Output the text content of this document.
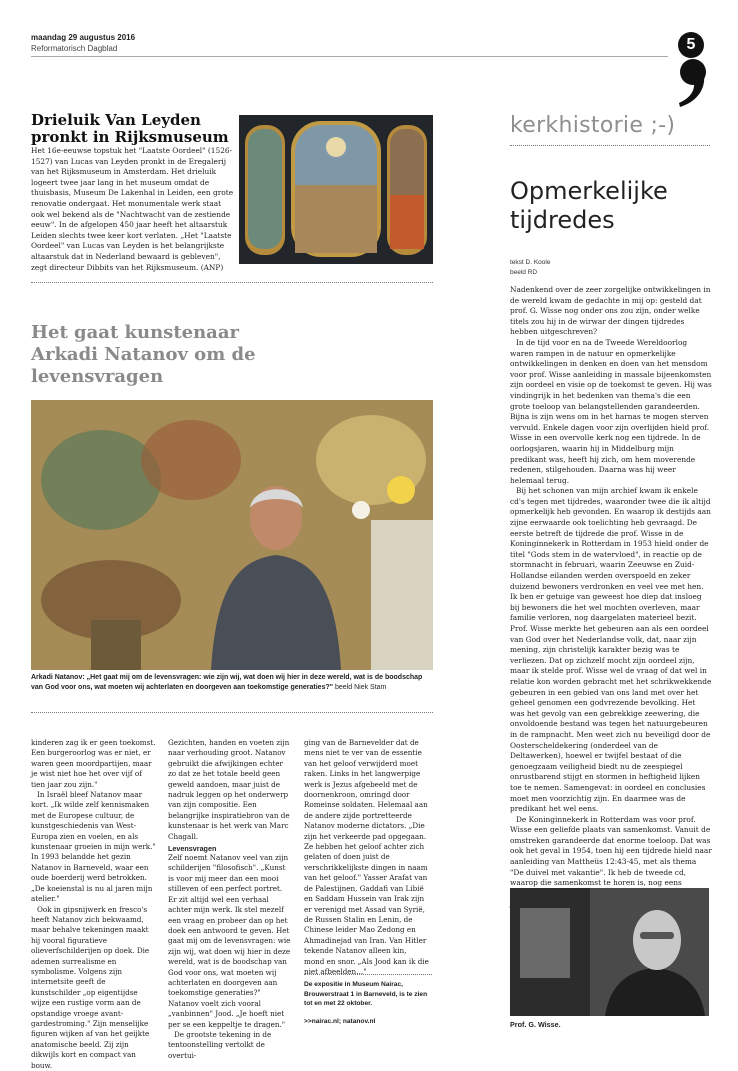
maandag 29 augustus 2016
Reformatorisch Dagblad	5
Drieluik Van Leyden pronkt in Rijksmuseum
Het 16e-eeuwse topstuk het "Laatste Oordeel" (1526-1527) van Lucas van Leyden pronkt in de Eregalerij van het Rijksmuseum in Amsterdam. Het drieluik logeert twee jaar lang in het museum omdat de thuisbasis, Museum De Lakenhal in Leiden, een grote renovatie ondergaat. Het monumentale werk staat ook wel bekend als de "Nachtwacht van de zestiende eeuw". In de afgelopen 450 jaar heeft het altaarstuk Leiden slechts twee keer kort verlaten. „Het "Laatste Oordeel" van Lucas van Leyden is het belangrijkste altaarstuk dat in Nederland bewaard is gebleven", zegt directeur Dibbits van het Rijksmuseum. (ANP)
Het gaat kunstenaar Arkadi Natanov om de levensvragen
Arkadi Natanov: „Het gaat mij om de levensvragen: wie zijn wij, wat doen wij hier in deze wereld, wat is de boodschap van God voor ons, wat moeten wij achterlaten en doorgeven aan toekomstige generaties?" beeld Niek Stam

kinderen zag ik er geen toekomst. Een burgeroorlog was er niet, er waren geen moordpartijen, maar je wist niet hoe het over vijf of tien jaar zou zijn."

In Israël bleef Natanov maar kort. „Ik wilde zelf kennismaken met de Europese cultuur, de kunstgeschiedenis van West-Europa zien en voelen, en als kunstenaar groeien in mijn werk." In 1993 belandde het gezin Natanov in Barneveld, waar een oude boerderij werd betrokken. „De koeienstal is nu al jaren mijn atelier."

Ook in gipsnijwerk en fresco's heeft Natanov zich bekwaamd, maar behalve tekeningen maakt hij vooral figuratieve olieverfschilderijen op doek. Die ademen surrealisme en symbolisme. Volgens zijn internetsite geeft de kunstschilder „op eigentijdse wijze een rustige vorm aan de opstandige vroege avant-gardestroming." Zijn menselijke figuren wijken af van het geijkte anatomische beeld. Zij zijn dikwijls kort en compact van bouw.

Gezichten, handen en voeten zijn naar verhouding groot. Natanov gebruikt die afwijkingen echter zo dat ze het totale beeld geen geweld aandoen, maar juist de nadruk leggen op het onderwerp van zijn compositie. Een belangrijke inspiratiebron van de kunstenaar is het werk van Marc Chagall.

Levensvragen

Zelf noemt Natanov veel van zijn schilderijen "filosofisch". „Kunst is voor mij meer dan een mooi stilleven of een perfect portret. Er zit altijd wel een verhaal achter mijn werk. Ik stel mezelf een vraag en probeer dan op het doek een antwoord te geven. Het gaat mij om de levensvragen: wie zijn wij, wat doen wij hier in deze wereld, wat is de boodschap van God voor ons, wat moeten wij achterlaten en doorgeven aan toekomstige generaties?" Natanov voelt zich vooral „vanbinnen" Jood. „Je hoeft niet per se een keppeltje te dragen."

De grootste tekening in de tentoonstelling vertolkt de overtui-

ging van de Barnevelder dat de mens niet te ver van de essentie van het geloof verwijderd moet raken. Links in het langwerpige werk is Jezus afgebeeld met de doornenkroon, omringd door Romeinse soldaten. Helemaal aan de andere zijde portretteerde Natanov moderne dictators. „Die zijn het verkeerde pad opgegaan. Ze hebben het geloof achter zich gelaten of doen juist de verschrikkelijkste dingen in naam van het geloof." Yasser Arafat van de Palestijnen, Gaddafi van Libië en Saddam Hussein van Irak zijn er verenigd met Assad van Syrië, de Russen Stalin en Lenin, de Chinese leider Mao Zedong en Ahmadinejad van Iran. Van Hitler tekende Natanov alleen kin, mond en snor. „Als Jood kan ik die niet afbeelden…"

De expositie in Museum Nairac, Brouwerstraat 1 in Barneveld, is te zien tot en met 22 oktober.
>>nairac.nl; natanov.nl
kerkhistorie ;-)
Opmerkelijke tijdredes
tekst D. Koole
beeld RD

Nadenkend over de zeer zorgelijke ontwikkelingen in de wereld kwam de gedachte in mij op: gesteld dat prof. G. Wisse nog onder ons zou zijn, onder welke titels zou hij in de wirwar der dingen tijdredes hebben uitgeschreven?

In de tijd voor en na de Tweede Wereldoorlog waren rampen in de natuur en opmerkelijke ontwikkelingen in denken en doen van het mensdom voor prof. Wisse aanleiding in massale bijeenkomsten zijn oordeel en visie op de toekomst te geven. Hij was vindingrijk in het bedenken van thema's die een grote toeloop van belangstellenden garandeerden. Bijna is zijn wens om in het harnas te mogen sterven vervuld. Enkele dagen voor zijn overlijden hield prof. Wisse in een overvolle kerk nog een tijdrede. In de oorlogsjaren, waarin hij in Middelburg mijn predikant was, heeft hij zich, om hem moverende redenen, stilgehouden. Daarna was hij weer helemaal terug.

Bij het schonen van mijn archief kwam ik enkele cd's tegen met tijdredes, waaronder twee die ik altijd opmerkelijk heb gevonden. En waarop ik destijds aan zijne eerwaarde ook toelichting heb gevraagd. De eerste betreft de tijdrede die prof. Wisse in de Koninginnekerk in Rotterdam in 1953 hield onder de titel "Gods stem in de watervloed", in reactie op de stormnacht in februari, waarin Zeeuwse en Zuid-Hollandse eilanden werden overspoeld en zeker duizend bewoners verdronken en veel vee met hen. Ik ben er getuige van geweest hoe diep dat insloeg bij bewoners die het wel mochten overleven, maar familie verloren, nog daargelaten materieel bezit. Prof. Wisse merkte het gebeuren aan als een oordeel van God over het Nederlandse volk, dat, naar zijn mening, zijn christelijk karakter bezig was te verliezen. Dat op zichzelf mocht zijn oordeel zijn, maar ik stelde prof. Wisse wel de vraag of dat wel in relatie kon worden gebracht met het schrikwekkende gebeuren in een gebied van ons land met over het geheel genomen een godvrezende bevolking. Het was het gevolg van een gebrekkige zeewering, die onvoldoende bestand was tegen het natuurgebeuren in de rampnacht. Men weet zich nu beveiligd door de Oosterscheldekering (onderdeel van de Deltawerken), hoewel er twijfel bestaat of die genoegzaam veiligheid biedt nu de zeespiegel onrustbarend stijgt en stormen in heftigheid lijken toe te nemen. Samengevat: in oordeel en conclusies moet men voorzichtig zijn. En daarmee was de predikant het wel eens.

De Koninginnekerk in Rotterdam was voor prof. Wisse een geliefde plaats van samenkomst. Vanuit de omstreken garandeerde dat enorme toeloop. Dat was ook het geval in 1954, toen hij een tijdrede hield naar aanleiding van Mattheüs 12:43-45, met als thema "De duivel met vakantie". Ik heb de tweede cd, waarop die samenkomst te horen is, nog eens

Prof. G. Wisse.
